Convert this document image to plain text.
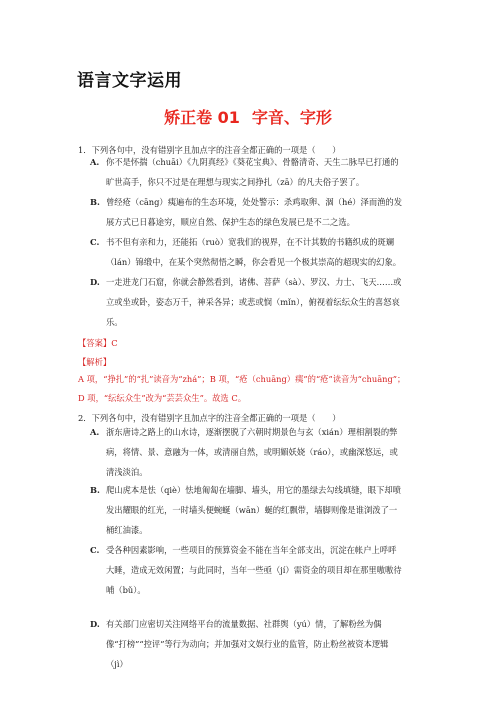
语言文字运用
矫正卷 01 字音、字形
1．下列各句中，没有错别字且加点字的注音全都正确的一项是（　　）
A. 你不是怀揣（chuāi）《九阴真经》《葵花宝典》、骨骼清奇、天生二脉早已打通的旷世高手，你只不过是在理想与现实之间挣扎（zā）的凡夫俗子罢了。
B. 曾经疮（cāng）痍遍布的生态环境，处处警示：杀鸡取卵、涸（hé）泽而渔的发展方式已日暮途穷，顺应自然、保护生态的绿色发展已是不二之选。
C. 书不但有亲和力，还能拓（ruò）宽我们的视界，在不计其数的书籍织成的斑斓（lán）锦缎中，在某个突然彻悟之瞬，你会看见一个极其崇高的超现实的幻象。
D. 一走进龙门石窟，你就会静然看到，诸佛、菩萨（sà）、罗汉、力士、飞天……或立或坐或卧，姿态万千，神采各异；或悲或悯（mǐn），俯视着纭纭众生的喜怒哀乐。
【答案】C
【解析】
A 项，“挣扎”的“扎”读音为“zhá”；B 项，“疮（chuāng）痍”的“疮”读音为“chuāng”；D 项，“纭纭众生”改为“芸芸众生”。故选 C。
2．下列各句中，没有错别字且加点字的注音全都正确的一项是（　　）
A. 浙东唐诗之路上的山水诗，逐渐摆脱了六朝时期景色与玄（xián）理相割裂的弊病，将情、景、意融为一体，或清丽自然，或明媚妖娆（ráo），或幽深悠远，或清浅淡泊。
B. 爬山虎本是怯（qiè）怯地匍匐在墙脚、墙头，用它的墨绿去勾线填缝，眼下却喷发出耀眼的红光，一时墙头便蜿蜒（wān）蜒的红飘带，墙脚则像是谁浏泼了一桶红油漆。
C. 受各种因素影响，一些项目的预算资金不能在当年全部支出，沉淀在帐户上呼呼大睡，造成无效闲置；与此同时，当年一些亟（jí）需资金的项目却在那里嗷嗷待哺（bǔ）。
D. 有关部门应密切关注网络平台的流量数据、社群舆（yú）情，了解粉丝为偶像“打榜”“控评”等行为动向；并加强对文娱行业的监管，防止粉丝被资本逻辑（jì）
